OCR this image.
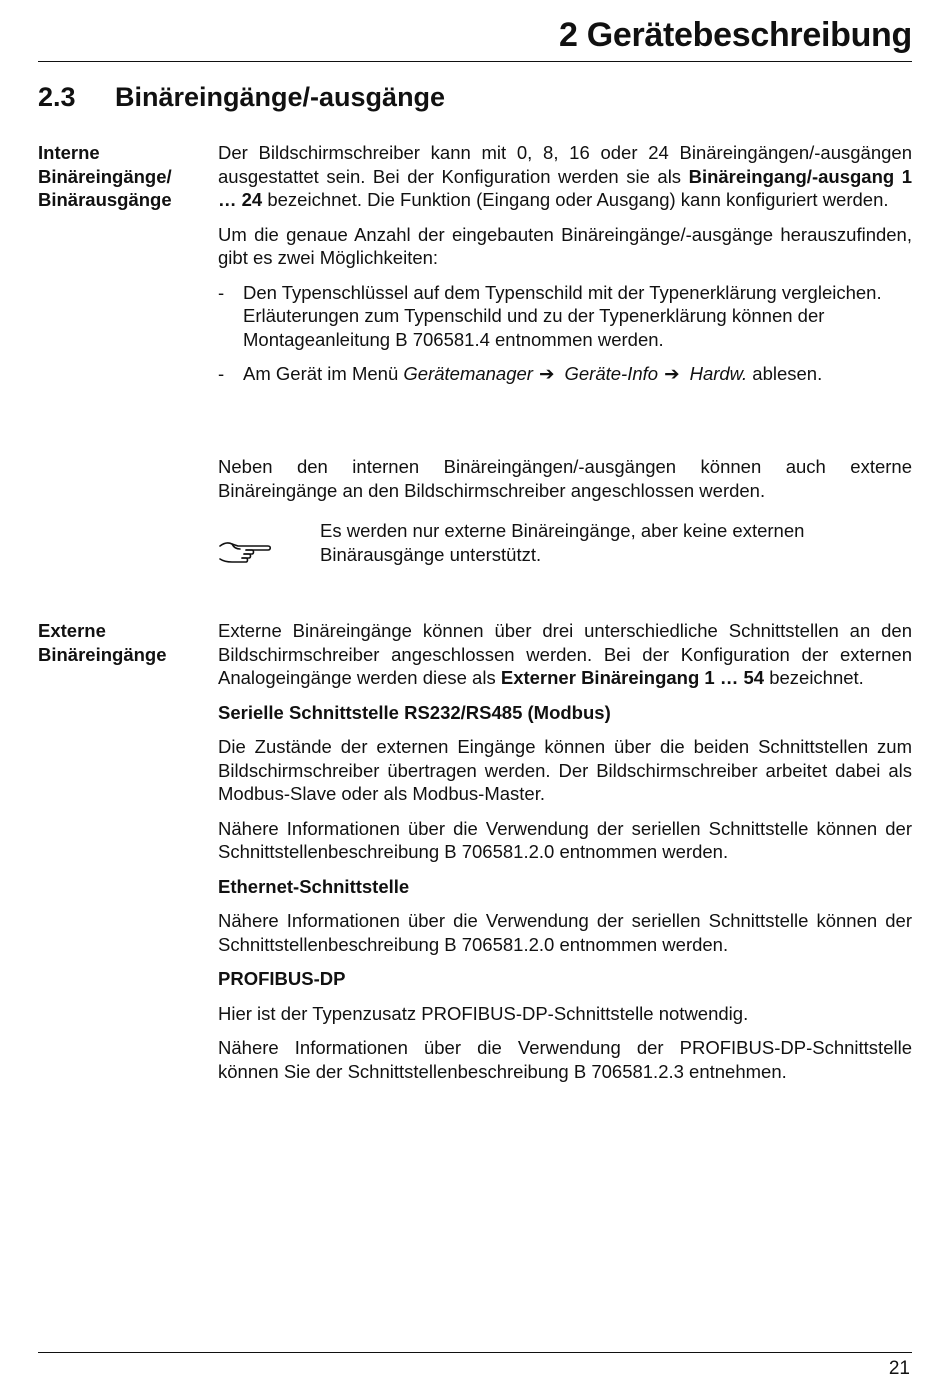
2 Gerätebeschreibung
2.3 Binäreingänge/-ausgänge
Interne
Binäreingänge/
Binärausgänge

Der Bildschirmschreiber kann mit 0, 8, 16 oder 24 Binäreingängen/-ausgängen ausgestattet sein. Bei der Konfiguration werden sie als Binäreingang/-ausgang 1 … 24 bezeichnet. Die Funktion (Eingang oder Ausgang) kann konfiguriert werden.

Um die genaue Anzahl der eingebauten Binäreingänge/-ausgänge herauszufinden, gibt es zwei Möglichkeiten:

- Den Typenschlüssel auf dem Typenschild mit der Typenerklärung vergleichen. Erläuterungen zum Typenschild und zu der Typenerklärung können der Montageanleitung B 706581.4 entnommen werden.
- Am Gerät im Menü Gerätemanager ➔ Geräte-Info ➔ Hardw. ablesen.

Neben den internen Binäreingängen/-ausgängen können auch externe Binäreingänge an den Bildschirmschreiber angeschlossen werden.

Es werden nur externe Binäreingänge, aber keine externen Binärausgänge unterstützt.
Externe
Binäreingänge

Externe Binäreingänge können über drei unterschiedliche Schnittstellen an den Bildschirmschreiber angeschlossen werden. Bei der Konfiguration der externen Analogeingänge werden diese als Externer Binäreingang 1 … 54 bezeichnet.

Serielle Schnittstelle RS232/RS485 (Modbus)

Die Zustände der externen Eingänge können über die beiden Schnittstellen zum Bildschirmschreiber übertragen werden. Der Bildschirmschreiber arbeitet dabei als Modbus-Slave oder als Modbus-Master.

Nähere Informationen über die Verwendung der seriellen Schnittstelle können der Schnittstellenbeschreibung B 706581.2.0 entnommen werden.

Ethernet-Schnittstelle

Nähere Informationen über die Verwendung der seriellen Schnittstelle können der Schnittstellenbeschreibung B 706581.2.0 entnommen werden.

PROFIBUS-DP

Hier ist der Typenzusatz PROFIBUS-DP-Schnittstelle notwendig.

Nähere Informationen über die Verwendung der PROFIBUS-DP-Schnittstelle können Sie der Schnittstellenbeschreibung B 706581.2.3 entnehmen.

21
